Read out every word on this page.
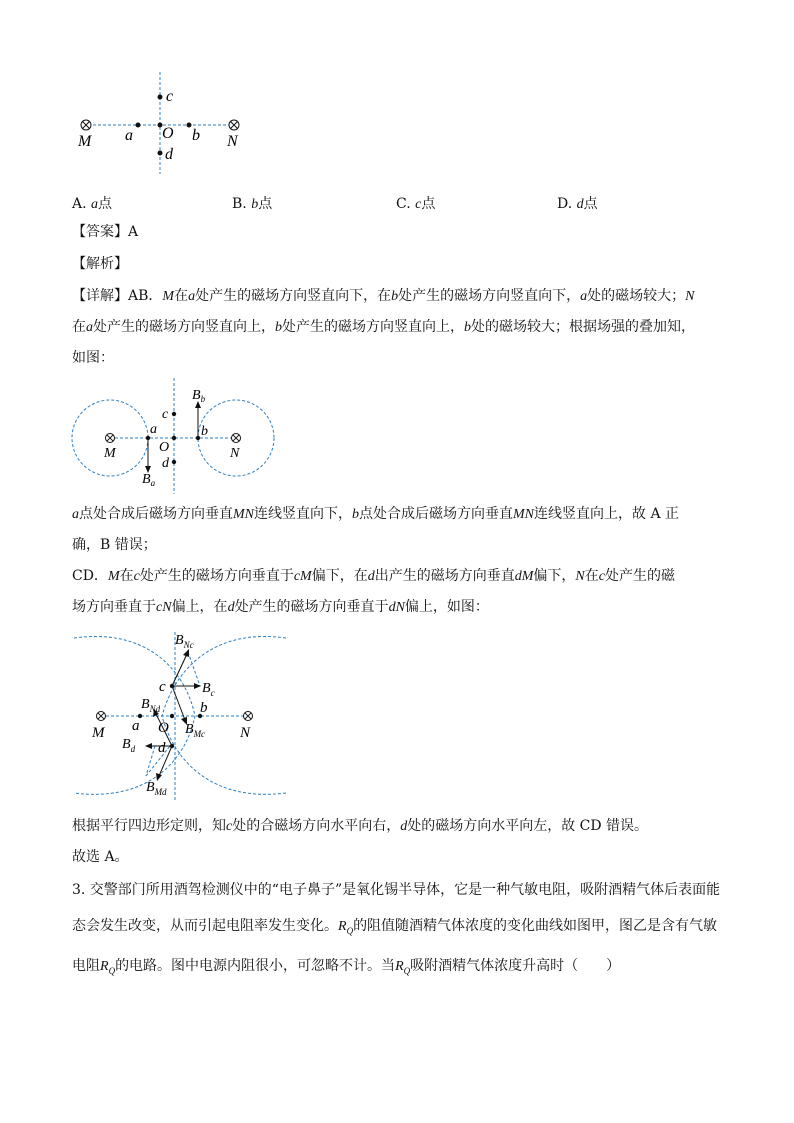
c
M a O b N
d
A. a点	B. b点	C. c点	D. d点
【答案】A
【解析】
【详解】AB．M在a处产生的磁场方向竖直向下，在b处产生的磁场方向竖直向下，a处的磁场较大；N
在a处产生的磁场方向竖直向上，b处产生的磁场方向竖直向上，b处的磁场较大；根据场强的叠加知，
如图：
$B_b$
c
a	b
M	O	N
d
$B_a$
a点处合成后磁场方向垂直MN连线竖直向下，b点处合成后磁场方向垂直MN连线竖直向上，故 A 正
确，B 错误；
CD．M在c处产生的磁场方向垂直于cM偏下，在d出产生的磁场方向垂直dM偏下，N在c处产生的磁
场方向垂直于cN偏上，在d处产生的磁场方向垂直于dN偏上，如图：
$B_{Nc}$
c	$B_c$
$B_{Nd}$	b
a O $B_{Mc}$
M	N
$B_d$ d
$B_{Md}$
根据平行四边形定则，知c处的合磁场方向水平向右，d处的磁场方向水平向左，故 CD 错误。
故选 A。
3. 交警部门所用酒驾检测仪中的“电子鼻子”是氧化锡半导体，它是一种气敏电阻，吸附酒精气体后表面能
态会发生改变，从而引起电阻率发生变化。$R_Q$的阻值随酒精气体浓度的变化曲线如图甲，图乙是含有气敏
电阻$R_Q$的电路。图中电源内阻很小，可忽略不计。当$R_Q$吸附酒精气体浓度升高时（　　）
